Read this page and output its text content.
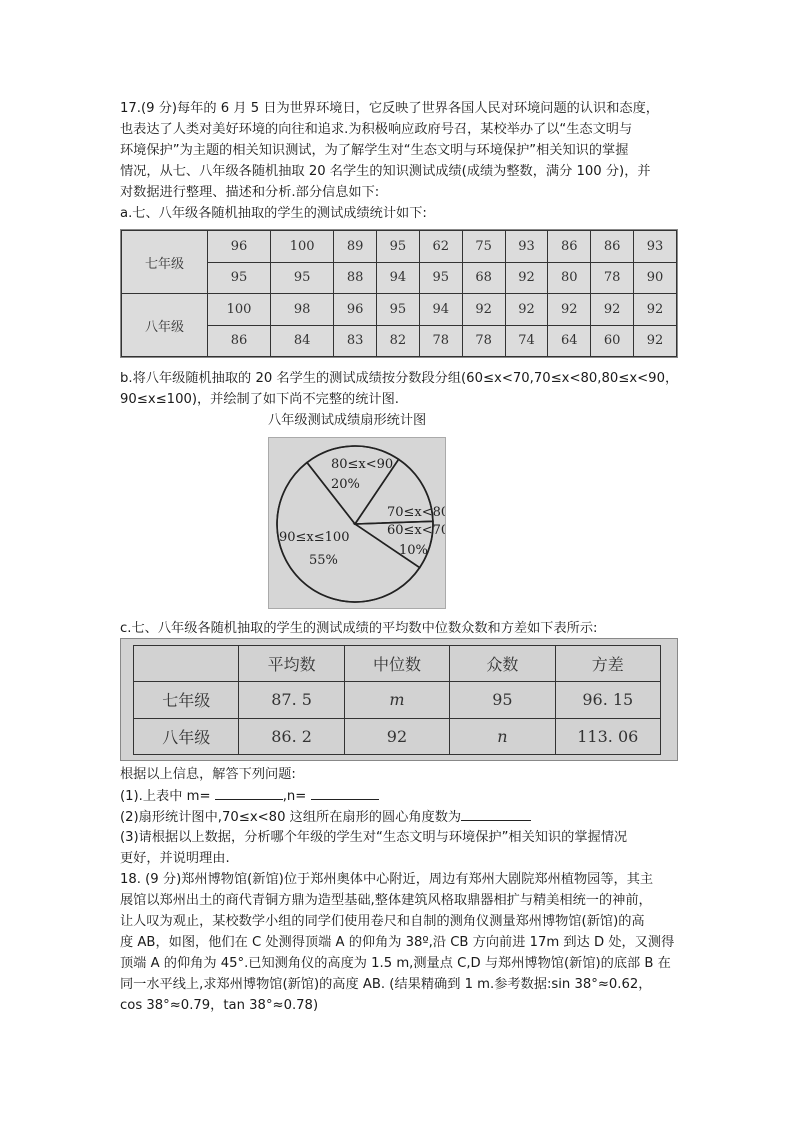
17.(9 分)每年的 6 月 5 日为世界环境日，它反映了世界各国人民对环境问题的认识和态度，

也表达了人类对美好环境的向往和追求.为积极响应政府号召，某校举办了以“生态文明与

环境保护”为主题的相关知识测试，为了解学生对“生态文明与环境保护”相关知识的掌握

情况，从七、八年级各随机抽取 20 名学生的知识测试成绩(成绩为整数，满分 100 分)，并

对数据进行整理、描述和分析.部分信息如下:

a.七、八年级各随机抽取的学生的测试成绩统计如下:

七年级	96	100	89	95	62	75	93	86	86	93
	95	95	88	94	95	68	92	80	78	90
八年级	100	98	96	95	94	92	92	92	92	92
	86	84	83	82	78	78	74	64	60	92

b.将八年级随机抽取的 20 名学生的测试成绩按分数段分组(60≤x<70,70≤x<80,80≤x<90，

90≤x≤100)，并绘制了如下尚不完整的统计图.

八年级测试成绩扇形统计图

90≤x≤100
55%
80≤x<90
20%
70≤x<80
60≤x<70
10%

c.七、八年级各随机抽取的学生的测试成绩的平均数中位数众数和方差如下表所示:

	平均数	中位数	众数	方差
七年级	87. 5	m	95	96. 15
八年级	86. 2	92	n	113. 06

根据以上信息，解答下列问题:

(1).上表中 m=	,n=

(2)扇形统计图中,70≤x<80 这组所在扇形的圆心角度数为

(3)请根据以上数据，分析哪个年级的学生对“生态文明与环境保护”相关知识的掌握情况

更好，并说明理由.

18. (9 分)郑州博物馆(新馆)位于郑州奥体中心附近，周边有郑州大剧院郑州植物园等，其主

展馆以郑州出土的商代青铜方鼎为造型基础,整体建筑风格取鼎器相扩与精美相统一的神前，

让人叹为观止，某校数学小组的同学们使用卷尺和自制的测角仪测量郑州博物馆(新馆)的高

度 AB，如图，他们在 C 处测得顶端 A 的仰角为 38º,沿 CB 方向前进 17m 到达 D 处，又测得

顶端 A 的仰角为 45°.已知测角仪的高度为 1.5 m,测量点 C,D 与郑州博物馆(新馆)的底部 B 在

同一水平线上,求郑州博物馆(新馆)的高度 AB. (结果精确到 1 m.参考数据:sin 38°≈0.62，

cos 38°≈0.79，tan 38°≈0.78)
